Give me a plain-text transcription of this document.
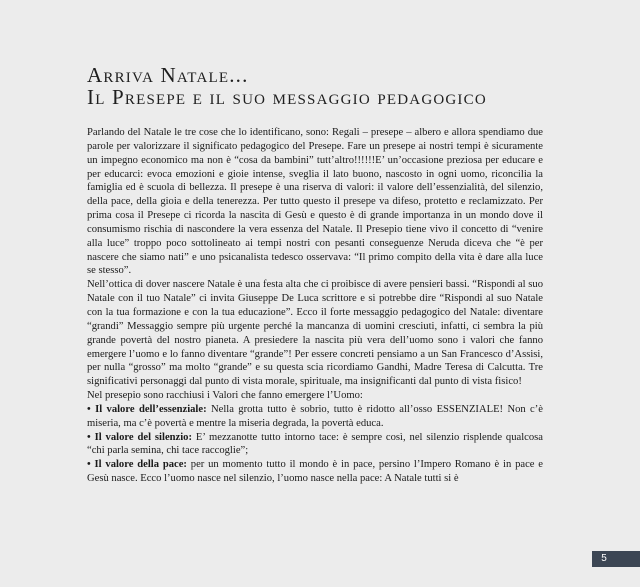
Arriva Natale...
Il Presepe e il suo messaggio pedagogico

Parlando del Natale le tre cose che lo identificano, sono: Regali – presepe – albero e allora spendiamo due parole per valorizzare il significato pedagogico del Presepe. Fare un presepe ai nostri tempi è sicuramente un impegno economico ma non è “cosa da bambini” tutt’altro!!!!!!E’ un’occasione preziosa per educare e per educarci: evoca emozioni e gioie intense, sveglia il lato buono, nascosto in ogni uomo, riconcilia la famiglia ed è scuola di bellezza. Il presepe è una riserva di valori: il valore dell’essenzialità, del silenzio, della pace, della gioia e della tenerezza. Per tutto questo il presepe va difeso, protetto e reclamizzato. Per prima cosa il Presepe ci ricorda la nascita di Gesù e questo è di grande importanza in un mondo dove il consumismo rischia di nascondere la vera essenza del Natale. Il Presepio tiene vivo il concetto di “venire alla luce” troppo poco sottolineato ai tempi nostri con pesanti conseguenze Neruda diceva che “è per nascere che siamo nati” e uno psicanalista tedesco osservava: “Il primo compito della vita è dare alla luce se stesso”.

Nell’ottica di dover nascere Natale è una festa alta che ci proibisce di avere pensieri bassi. “Rispondi al suo Natale con il tuo Natale” ci invita Giuseppe De Luca scrittore e si potrebbe dire “Rispondi al suo Natale con la tua formazione e con la tua educazione”. Ecco il forte messaggio pedagogico del Natale: diventare “grandi” Messaggio sempre più urgente perché la mancanza di uomini cresciuti, infatti, ci sembra la più grande povertà del nostro pianeta. A presiedere la nascita più vera dell’uomo sono i valori che fanno emergere l’uomo e lo fanno diventare “grande”! Per essere concreti pensiamo a un San Francesco d’Assisi, per nulla “grosso” ma molto “grande” e su questa scia ricordiamo Gandhi, Madre Teresa di Calcutta. Tre significativi personaggi dal punto di vista morale, spirituale, ma insignificanti dal punto di vista fisico!

Nel presepio sono racchiusi i Valori che fanno emergere l’Uomo:

• Il valore dell’essenziale: Nella grotta tutto è sobrio, tutto è ridotto all’osso ESSENZIALE! Non c’è miseria, ma c’è povertà e mentre la miseria degrada, la povertà educa.

• Il valore del silenzio: E’ mezzanotte tutto intorno tace: è sempre così, nel silenzio risplende qualcosa “chi parla semina, chi tace raccoglie”;

• Il valore della pace: per un momento tutto il mondo è in pace, persino l’Impero Romano è in pace e Gesù nasce. Ecco l’uomo nasce nel silenzio, l’uomo nasce nella pace: A Natale tutti si è

5
